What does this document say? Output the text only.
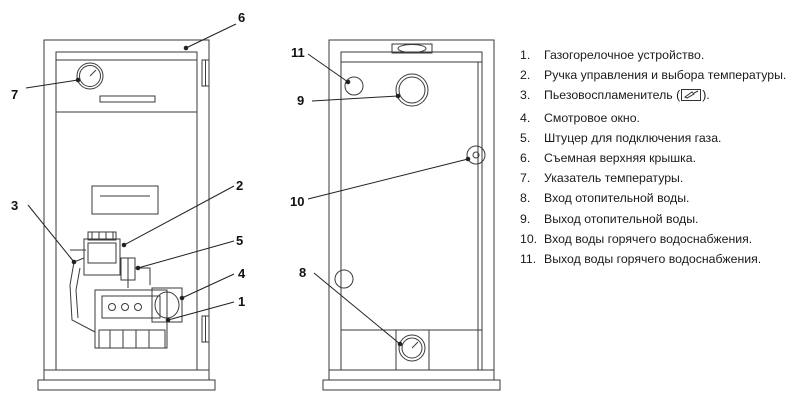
6
7
3
2
5
4
1
11
9
10
8
1.	Газогорелочное устройство.
2.	Ручка управления и выбора температуры.
3.	Пьезовоспламенитель ( ).
4.	Смотровое окно.
5.	Штуцер для подключения газа.
6.	Съемная верхняя крышка.
7.	Указатель температуры.
8.	Вход отопительной воды.
9.	Выход отопительной воды.
10. Вход воды горячего водоснабжения.
11. Выход воды горячего водоснабжения.
